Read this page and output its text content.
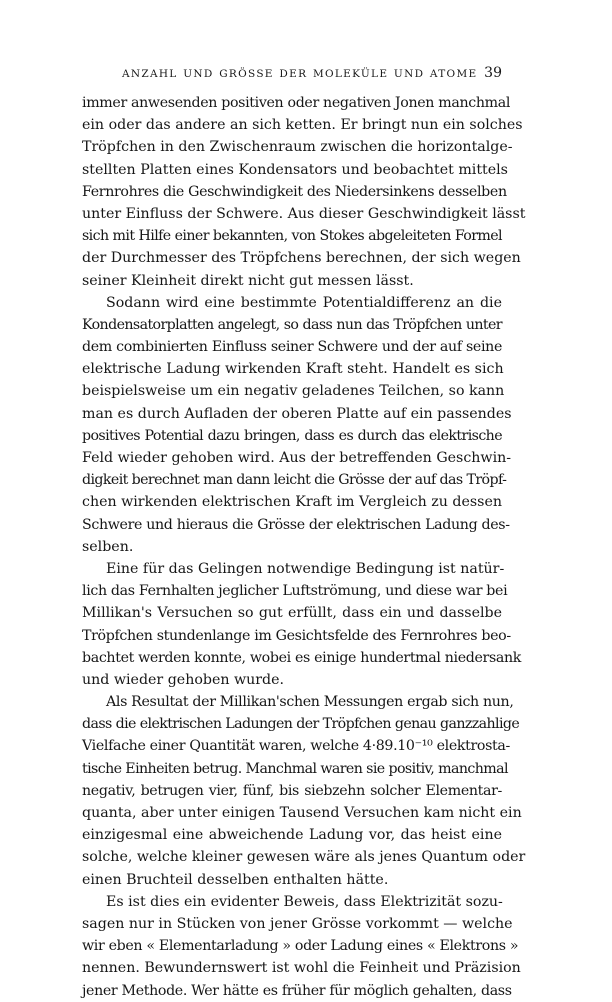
ANZAHL UND GRÖSSE DER MOLEKÜLE UND ATOME 39
immer anwesenden positiven oder negativen Jonen manchmal
ein oder das andere an sich ketten. Er bringt nun ein solches
Tröpfchen in den Zwischenraum zwischen die horizontalge-
stellten Platten eines Kondensators und beobachtet mittels
Fernrohres die Geschwindigkeit des Niedersinkens desselben
unter Einfluss der Schwere. Aus dieser Geschwindigkeit lässt
sich mit Hilfe einer bekannten, von Stokes abgeleiteten Formel
der Durchmesser des Tröpfchens berechnen, der sich wegen
seiner Kleinheit direkt nicht gut messen lässt.
Sodann wird eine bestimmte Potentialdifferenz an die
Kondensatorplatten angelegt, so dass nun das Tröpfchen unter
dem combinierten Einfluss seiner Schwere und der auf seine
elektrische Ladung wirkenden Kraft steht. Handelt es sich
beispielsweise um ein negativ geladenes Teilchen, so kann
man es durch Aufladen der oberen Platte auf ein passendes
positives Potential dazu bringen, dass es durch das elektrische
Feld wieder gehoben wird. Aus der betreffenden Geschwin-
digkeit berechnet man dann leicht die Grösse der auf das Tröpf-
chen wirkenden elektrischen Kraft im Vergleich zu dessen
Schwere und hieraus die Grösse der elektrischen Ladung des-
selben.
Eine für das Gelingen notwendige Bedingung ist natür-
lich das Fernhalten jeglicher Luftströmung, und diese war bei
Millikan's Versuchen so gut erfüllt, dass ein und dasselbe
Tröpfchen stundenlange im Gesichtsfelde des Fernrohres beo-
bachtet werden konnte, wobei es einige hundertmal niedersank
und wieder gehoben wurde.
Als Resultat der Millikan'schen Messungen ergab sich nun,
dass die elektrischen Ladungen der Tröpfchen genau ganzzahlige
Vielfache einer Quantität waren, welche 4·89.10⁻¹⁰ elektrosta-
tische Einheiten betrug. Manchmal waren sie positiv, manchmal
negativ, betrugen vier, fünf, bis siebzehn solcher Elementar-
quanta, aber unter einigen Tausend Versuchen kam nicht ein
einzigesmal eine abweichende Ladung vor, das heist eine
solche, welche kleiner gewesen wäre als jenes Quantum oder
einen Bruchteil desselben enthalten hätte.
Es ist dies ein evidenter Beweis, dass Elektrizität sozu-
sagen nur in Stücken von jener Grösse vorkommt — welche
wir eben « Elementarladung » oder Ladung eines « Elektrons »
nennen. Bewundernswert ist wohl die Feinheit und Präzision
jener Methode. Wer hätte es früher für möglich gehalten, dass
